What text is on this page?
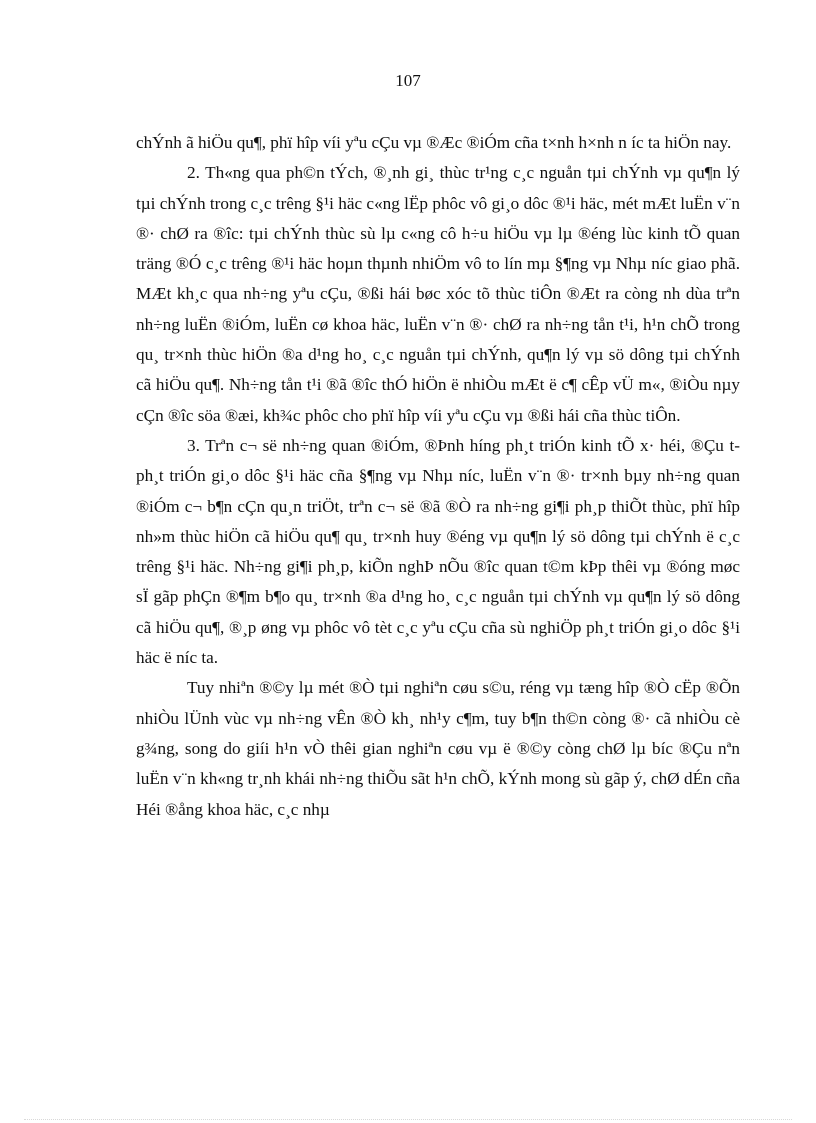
107

chÝnh ã hiÖu qu¶, phï hîp víi yªu cÇu vµ ®Æc ®iÓm cña t×nh h×nh n íc ta hiÖn nay.

2. Th«ng qua ph©n tÝch, ®¸nh gi¸ thùc tr¹ng c¸c nguån tµi chÝnh vµ qu¶n lý tµi chÝnh trong c¸c trêng §¹i häc c«ng lËp phôc vô gi¸o dôc ®¹i häc, mét mÆt luËn v¨n ®· chØ ra ®îc: tµi chÝnh thùc sù lµ c«ng cô h÷u hiÖu vµ lµ ®éng lùc kinh tÕ quan träng ®Ó c¸c trêng ®¹i häc hoµn thµnh nhiÖm vô to lín mµ §¶ng vµ Nhµ níc giao phã. MÆt kh¸c qua nh÷ng yªu cÇu, ®ßi hái bøc xóc tõ thùc tiÔn ®Æt ra còng nh dùa trªn nh÷ng luËn ®iÓm, luËn cø khoa häc, luËn v¨n ®· chØ ra nh÷ng tån t¹i, h¹n chÕ trong qu¸ tr×nh thùc hiÖn ®a d¹ng ho¸ c¸c nguån tµi chÝnh, qu¶n lý vµ sö dông tµi chÝnh cã hiÖu qu¶. Nh÷ng tån t¹i ®ã ®îc thÓ hiÖn ë nhiÒu mÆt ë c¶ cÊp vÜ m«, ®iÒu nµy cÇn ®îc söa ®æi, kh¾c phôc cho phï hîp víi yªu cÇu vµ ®ßi hái cña thùc tiÔn.

3. Trªn c¬ së nh÷ng quan ®iÓm, ®Þnh híng ph¸t triÓn kinh tÕ x· héi, ®Çu t ph¸t triÓn gi¸o dôc §¹i häc cña §¶ng vµ Nhµ níc, luËn v¨n ®· tr×nh bµy nh÷ng quan ®iÓm c¬ b¶n cÇn qu¸n triÖt, trªn c¬ së ®ã ®Ò ra nh÷ng gi¶i ph¸p thiÕt thùc, phï hîp nh»m thùc hiÖn cã hiÖu qu¶ qu¸ tr×nh huy ®éng vµ qu¶n lý sö dông tµi chÝnh ë c¸c trêng §¹i häc. Nh÷ng gi¶i ph¸p, kiÕn nghÞ nÕu ®îc quan t©m kÞp thêi vµ ®óng møc sÏ gãp phÇn ®¶m b¶o qu¸ tr×nh ®a d¹ng ho¸ c¸c nguån tµi chÝnh vµ qu¶n lý sö dông cã hiÖu qu¶, ®¸p øng vµ phôc vô tèt c¸c yªu cÇu cña sù nghiÖp ph¸t triÓn gi¸o dôc §¹i häc ë níc ta.

Tuy nhiªn ®©y lµ mét ®Ò tµi nghiªn cøu s©u, réng vµ tæng hîp ®Ò cËp ®Õn nhiÒu lÜnh vùc vµ nh÷ng vÊn ®Ò kh¸ nh¹y c¶m, tuy b¶n th©n còng ®· cã nhiÒu cè g¾ng, song do giíi h¹n vÒ thêi gian nghiªn cøu vµ ë ®©y còng chØ lµ bíc ®Çu nªn luËn v¨n kh«ng tr¸nh khái nh÷ng thiÕu sãt h¹n chÕ, kÝnh mong sù gãp ý, chØ dÉn cña Héi ®ång khoa häc, c¸c nhµ
